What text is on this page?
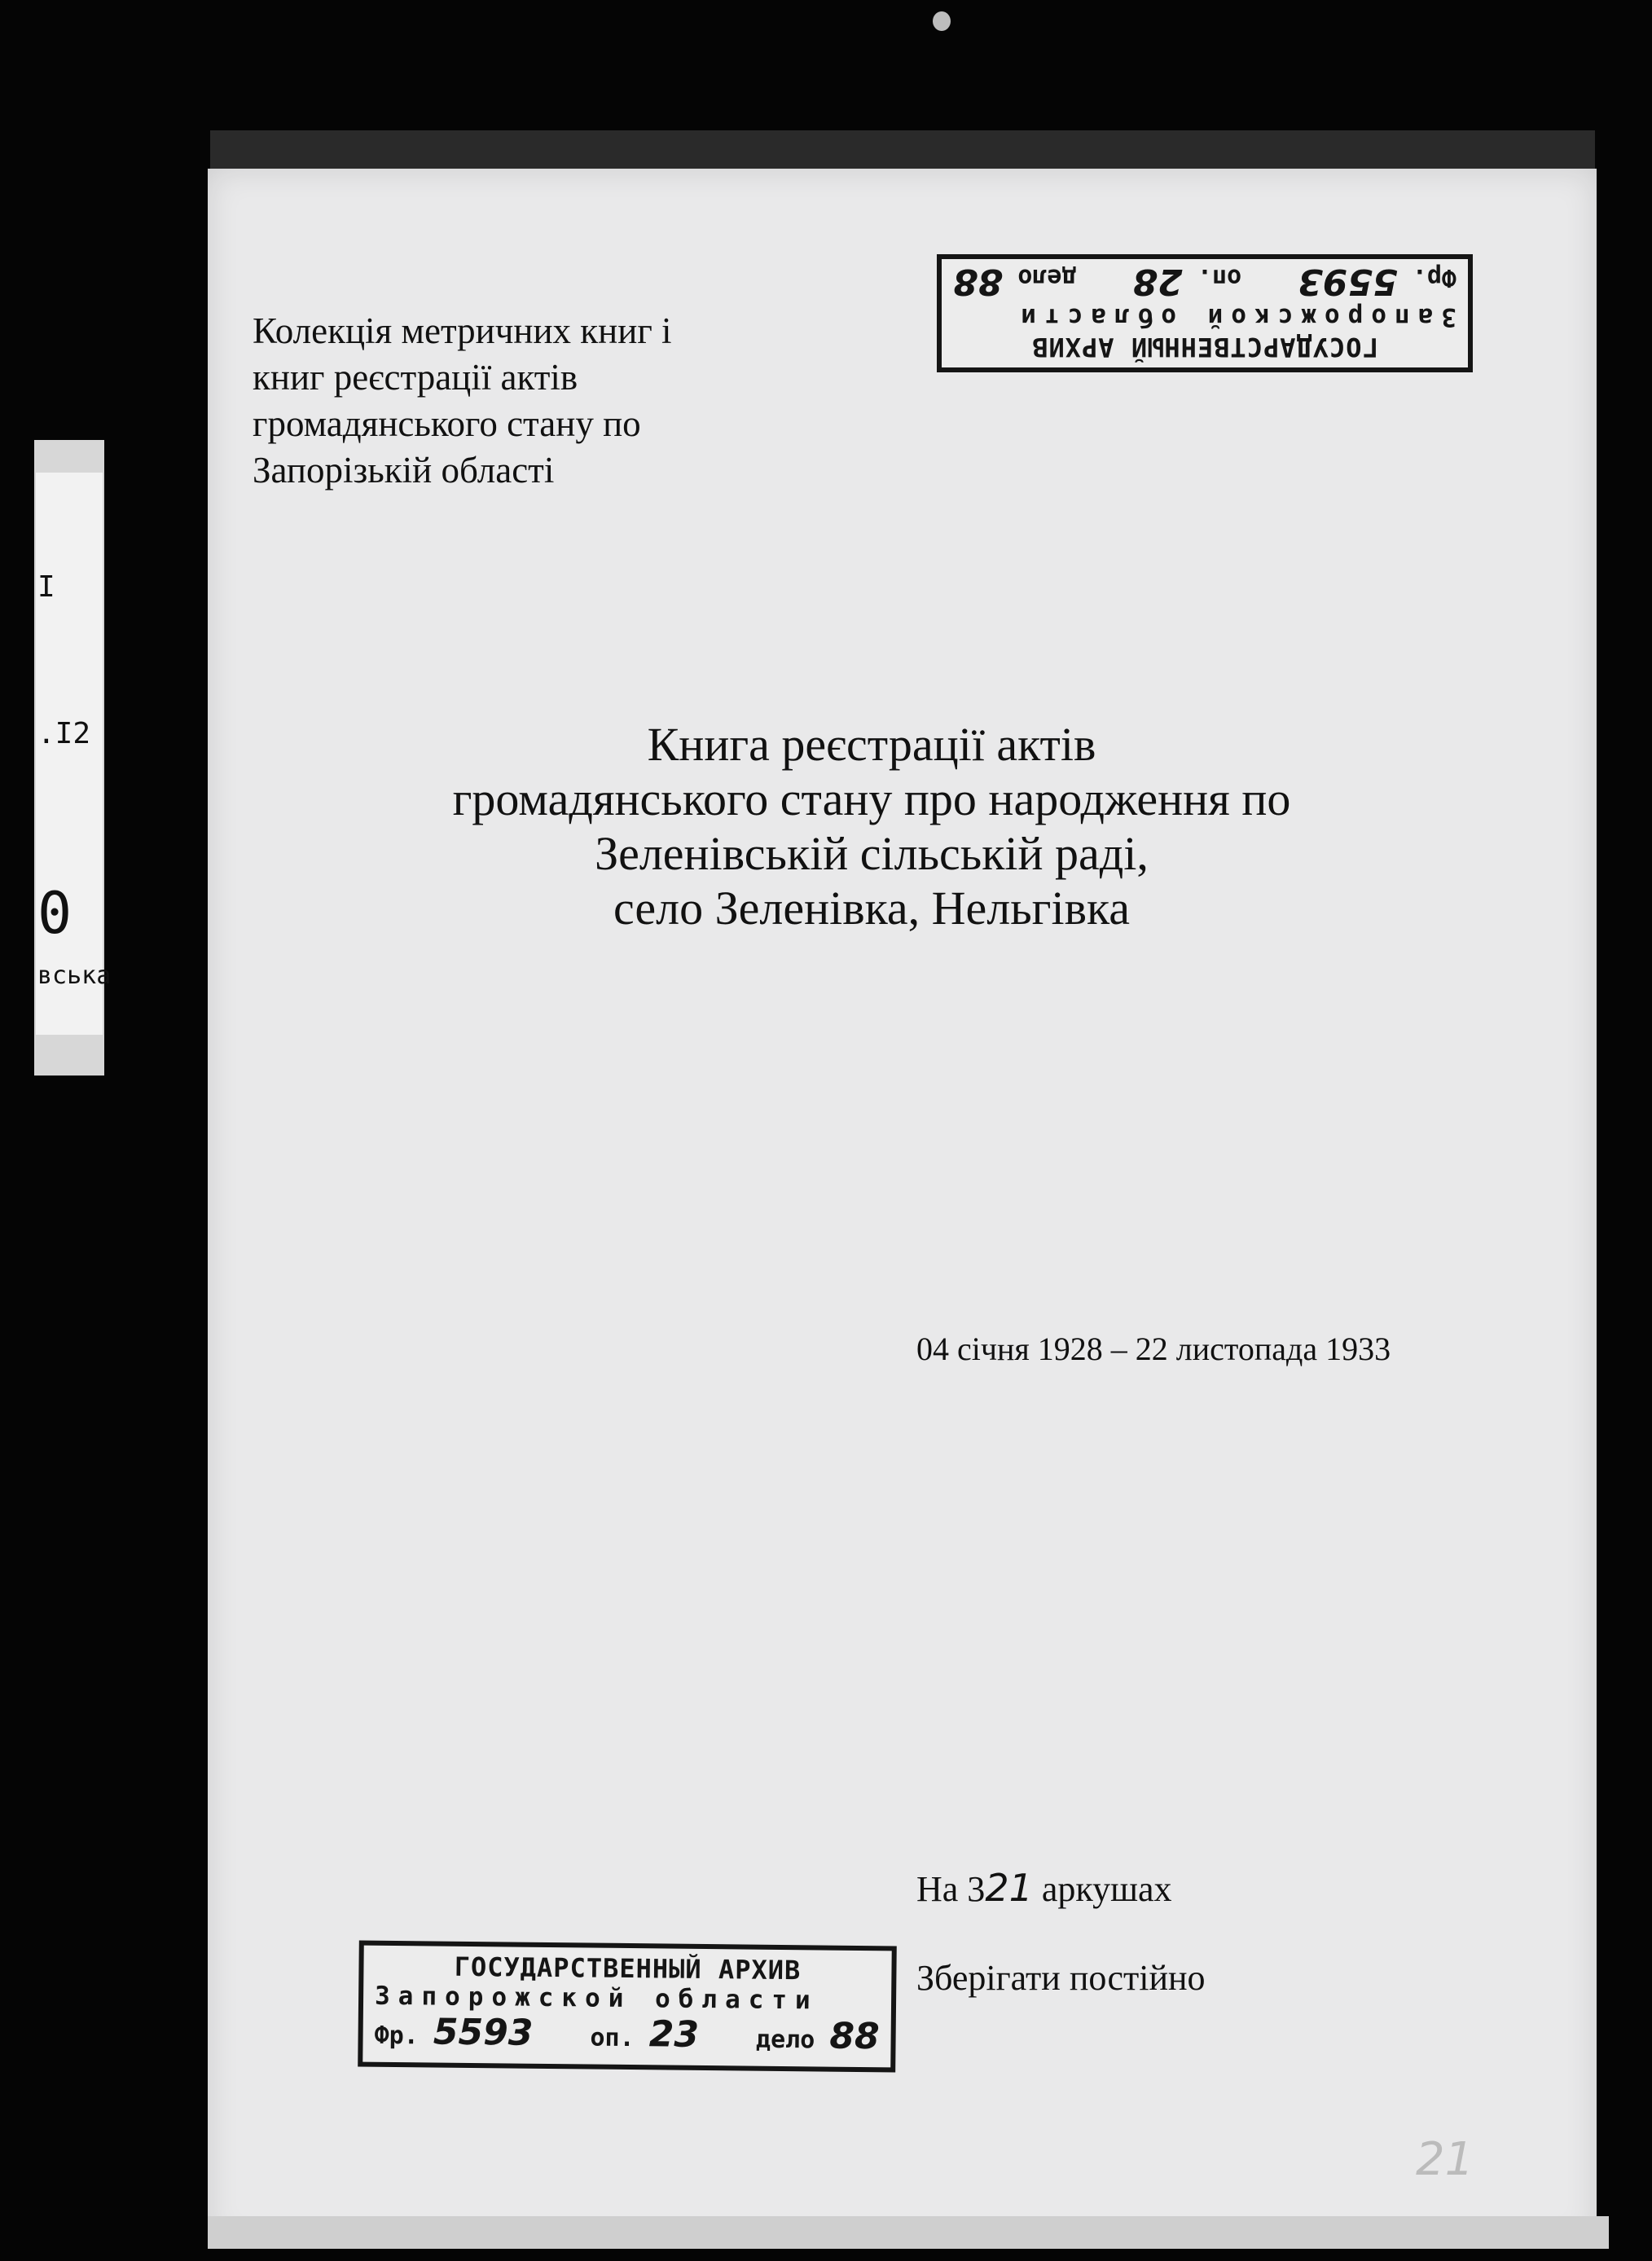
I
.I2
0
вська
ГОСУДАРСТВЕННЫЙ АРХИВ
Запорожской области
Фр. 5593
оп. 28
дело 88
Колекція метричних книг і
книг реєстрації актів
громадянського стану по
Запорізькій області
Книга реєстрації актів
громадянського стану про народження по
Зеленівській сільській раді,
село Зеленівка, Нельгівка
04 січня 1928 – 22 листопада 1933
На 321 аркушах
Зберігати постійно
ГОСУДАРСТВЕННЫЙ АРХИВ
Запорожской области
Фр. 5593 оп. 23 дело 88
21
